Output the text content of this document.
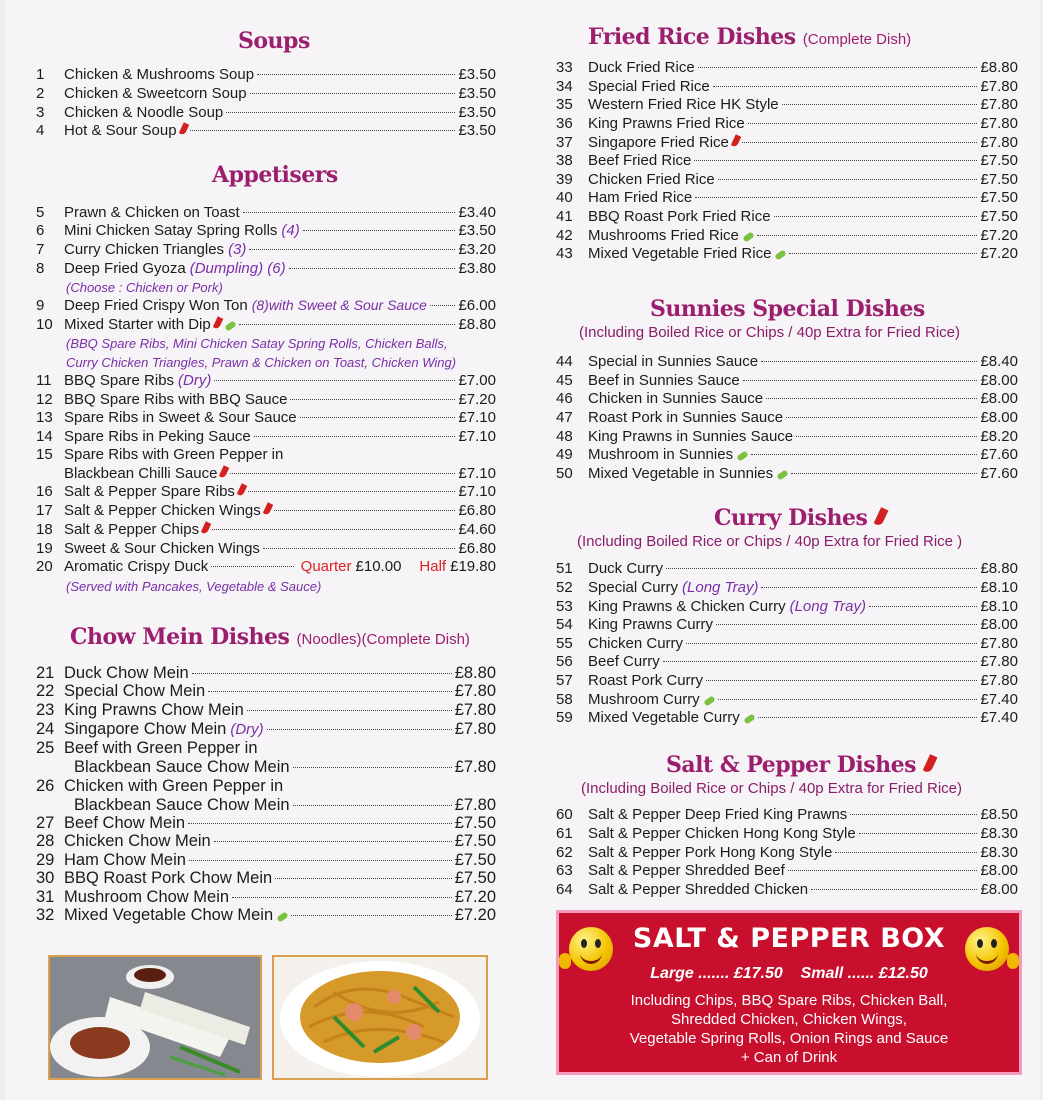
Soups
1	Chicken & Mushrooms Soup	£3.50
2	Chicken & Sweetcorn Soup	£3.50
3	Chicken & Noodle Soup	£3.50
4	Hot & Sour Soup	£3.50
Appetisers
5	Prawn & Chicken on Toast	£3.40
6	Mini Chicken Satay Spring Rolls (4)	£3.50
7	Curry Chicken Triangles (3)	£3.20
8	Deep Fried Gyoza (Dumpling) (6)	£3.80
9	Deep Fried Crispy Won Ton (8)with Sweet & Sour Sauce £6.00
10 Mixed Starter with Dip	£8.80
11 BBQ Spare Ribs (Dry)	£7.00
12 BBQ Spare Ribs with BBQ Sauce	£7.20
13 Spare Ribs in Sweet & Sour Sauce	£7.10
14 Spare Ribs in Peking Sauce	£7.10
15 Spare Ribs with Green Pepper in
Blackbean Chilli Sauce	£7.10
16 Salt & Pepper Spare Ribs	£7.10
17 Salt & Pepper Chicken Wings	£6.80
18 Salt & Pepper Chips	£4.60
19 Sweet & Sour Chicken Wings	£6.80
20 Aromatic Crispy Duck	Quarter £10.00 Half £19.80
(Choose : Chicken or Pork)
(BBQ Spare Ribs, Mini Chicken Satay Spring Rolls, Chicken Balls,
Curry Chicken Triangles, Prawn & Chicken on Toast, Chicken Wing)
(Served with Pancakes, Vegetable & Sauce)
Chow Mein Dishes (Noodles)(Complete Dish)
21 Duck Chow Mein	£8.80
22 Special Chow Mein	£7.80
23 King Prawns Chow Mein	£7.80
24 Singapore Chow Mein (Dry)	£7.80
25 Beef with Green Pepper in
Blackbean Sauce Chow Mein	£7.80
26 Chicken with Green Pepper in
Blackbean Sauce Chow Mein	£7.80
27 Beef Chow Mein	£7.50
28 Chicken Chow Mein	£7.50
29 Ham Chow Mein	£7.50
30 BBQ Roast Pork Chow Mein	£7.50
31 Mushroom Chow Mein	£7.20
32 Mixed Vegetable Chow Mein	£7.20
Fried Rice Dishes (Complete Dish)
33	Duck Fried Rice	£8.80
34	Special Fried Rice	£7.80
35	Western Fried Rice HK Style	£7.80
36	King Prawns Fried Rice	£7.80
37	Singapore Fried Rice	£7.80
38	Beef Fried Rice	£7.50
39	Chicken Fried Rice	£7.50
40	Ham Fried Rice	£7.50
41	BBQ Roast Pork Fried Rice	£7.50
42	Mushrooms Fried Rice	£7.20
43	Mixed Vegetable Fried Rice	£7.20
Sunnies Special Dishes
(Including Boiled Rice or Chips / 40p Extra for Fried Rice)
44	Special in Sunnies Sauce	£8.40
45	Beef in Sunnies Sauce	£8.00
46	Chicken in Sunnies Sauce	£8.00
47	Roast Pork in Sunnies Sauce	£8.00
48	King Prawns in Sunnies Sauce	£8.20
49	Mushroom in Sunnies	£7.60
50	Mixed Vegetable in Sunnies	£7.60
Curry Dishes
(Including Boiled Rice or Chips / 40p Extra for Fried Rice )
51	Duck Curry	£8.80
52	Special Curry (Long Tray)	£8.10
53	King Prawns & Chicken Curry (Long Tray)	£8.10
54	King Prawns Curry	£8.00
55	Chicken Curry	£7.80
56	Beef Curry	£7.80
57	Roast Pork Curry	£7.80
58	Mushroom Curry	£7.40
59	Mixed Vegetable Curry	£7.40
Salt & Pepper Dishes
(Including Boiled Rice or Chips / 40p Extra for Fried Rice)
60	Salt & Pepper Deep Fried King Prawns	£8.50
61	Salt & Pepper Chicken Hong Kong Style	£8.30
62	Salt & Pepper Pork Hong Kong Style	£8.30
63	Salt & Pepper Shredded Beef	£8.00
64	Salt & Pepper Shredded Chicken	£8.00
SALT & PEPPER BOX
Large ....... £17.50 Small ...... £12.50
Including Chips, BBQ Spare Ribs, Chicken Ball,
Shredded Chicken, Chicken Wings,
Vegetable Spring Rolls, Onion Rings and Sauce
+ Can of Drink
